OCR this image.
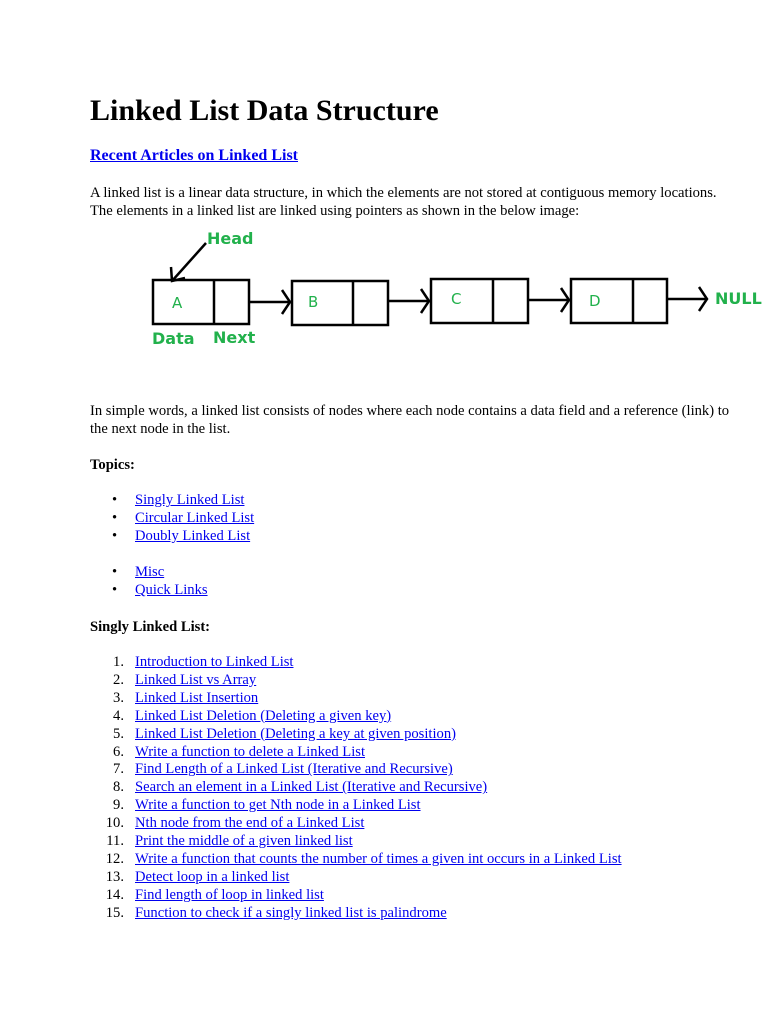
Linked List Data Structure
Recent Articles on Linked List

A linked list is a linear data structure, in which the elements are not stored at contiguous memory locations. The elements in a linked list are linked using pointers as shown in the below image:

In simple words, a linked list consists of nodes where each node contains a data field and a reference (link) to the next node in the list.

Topics:

• Singly Linked List
• Circular Linked List
• Doubly Linked List
• Misc
• Quick Links

Singly Linked List:

1. Introduction to Linked List
2. Linked List vs Array
3. Linked List Insertion
4. Linked List Deletion (Deleting a given key)
5. Linked List Deletion (Deleting a key at given position)
6. Write a function to delete a Linked List
7. Find Length of a Linked List (Iterative and Recursive)
8. Search an element in a Linked List (Iterative and Recursive)
9. Write a function to get Nth node in a Linked List
10. Nth node from the end of a Linked List
11. Print the middle of a given linked list
12. Write a function that counts the number of times a given int occurs in a Linked List
13. Detect loop in a linked list
14. Find length of loop in linked list
15. Function to check if a singly linked list is palindrome
Head
A	B	C	D	NULL
Data Next
